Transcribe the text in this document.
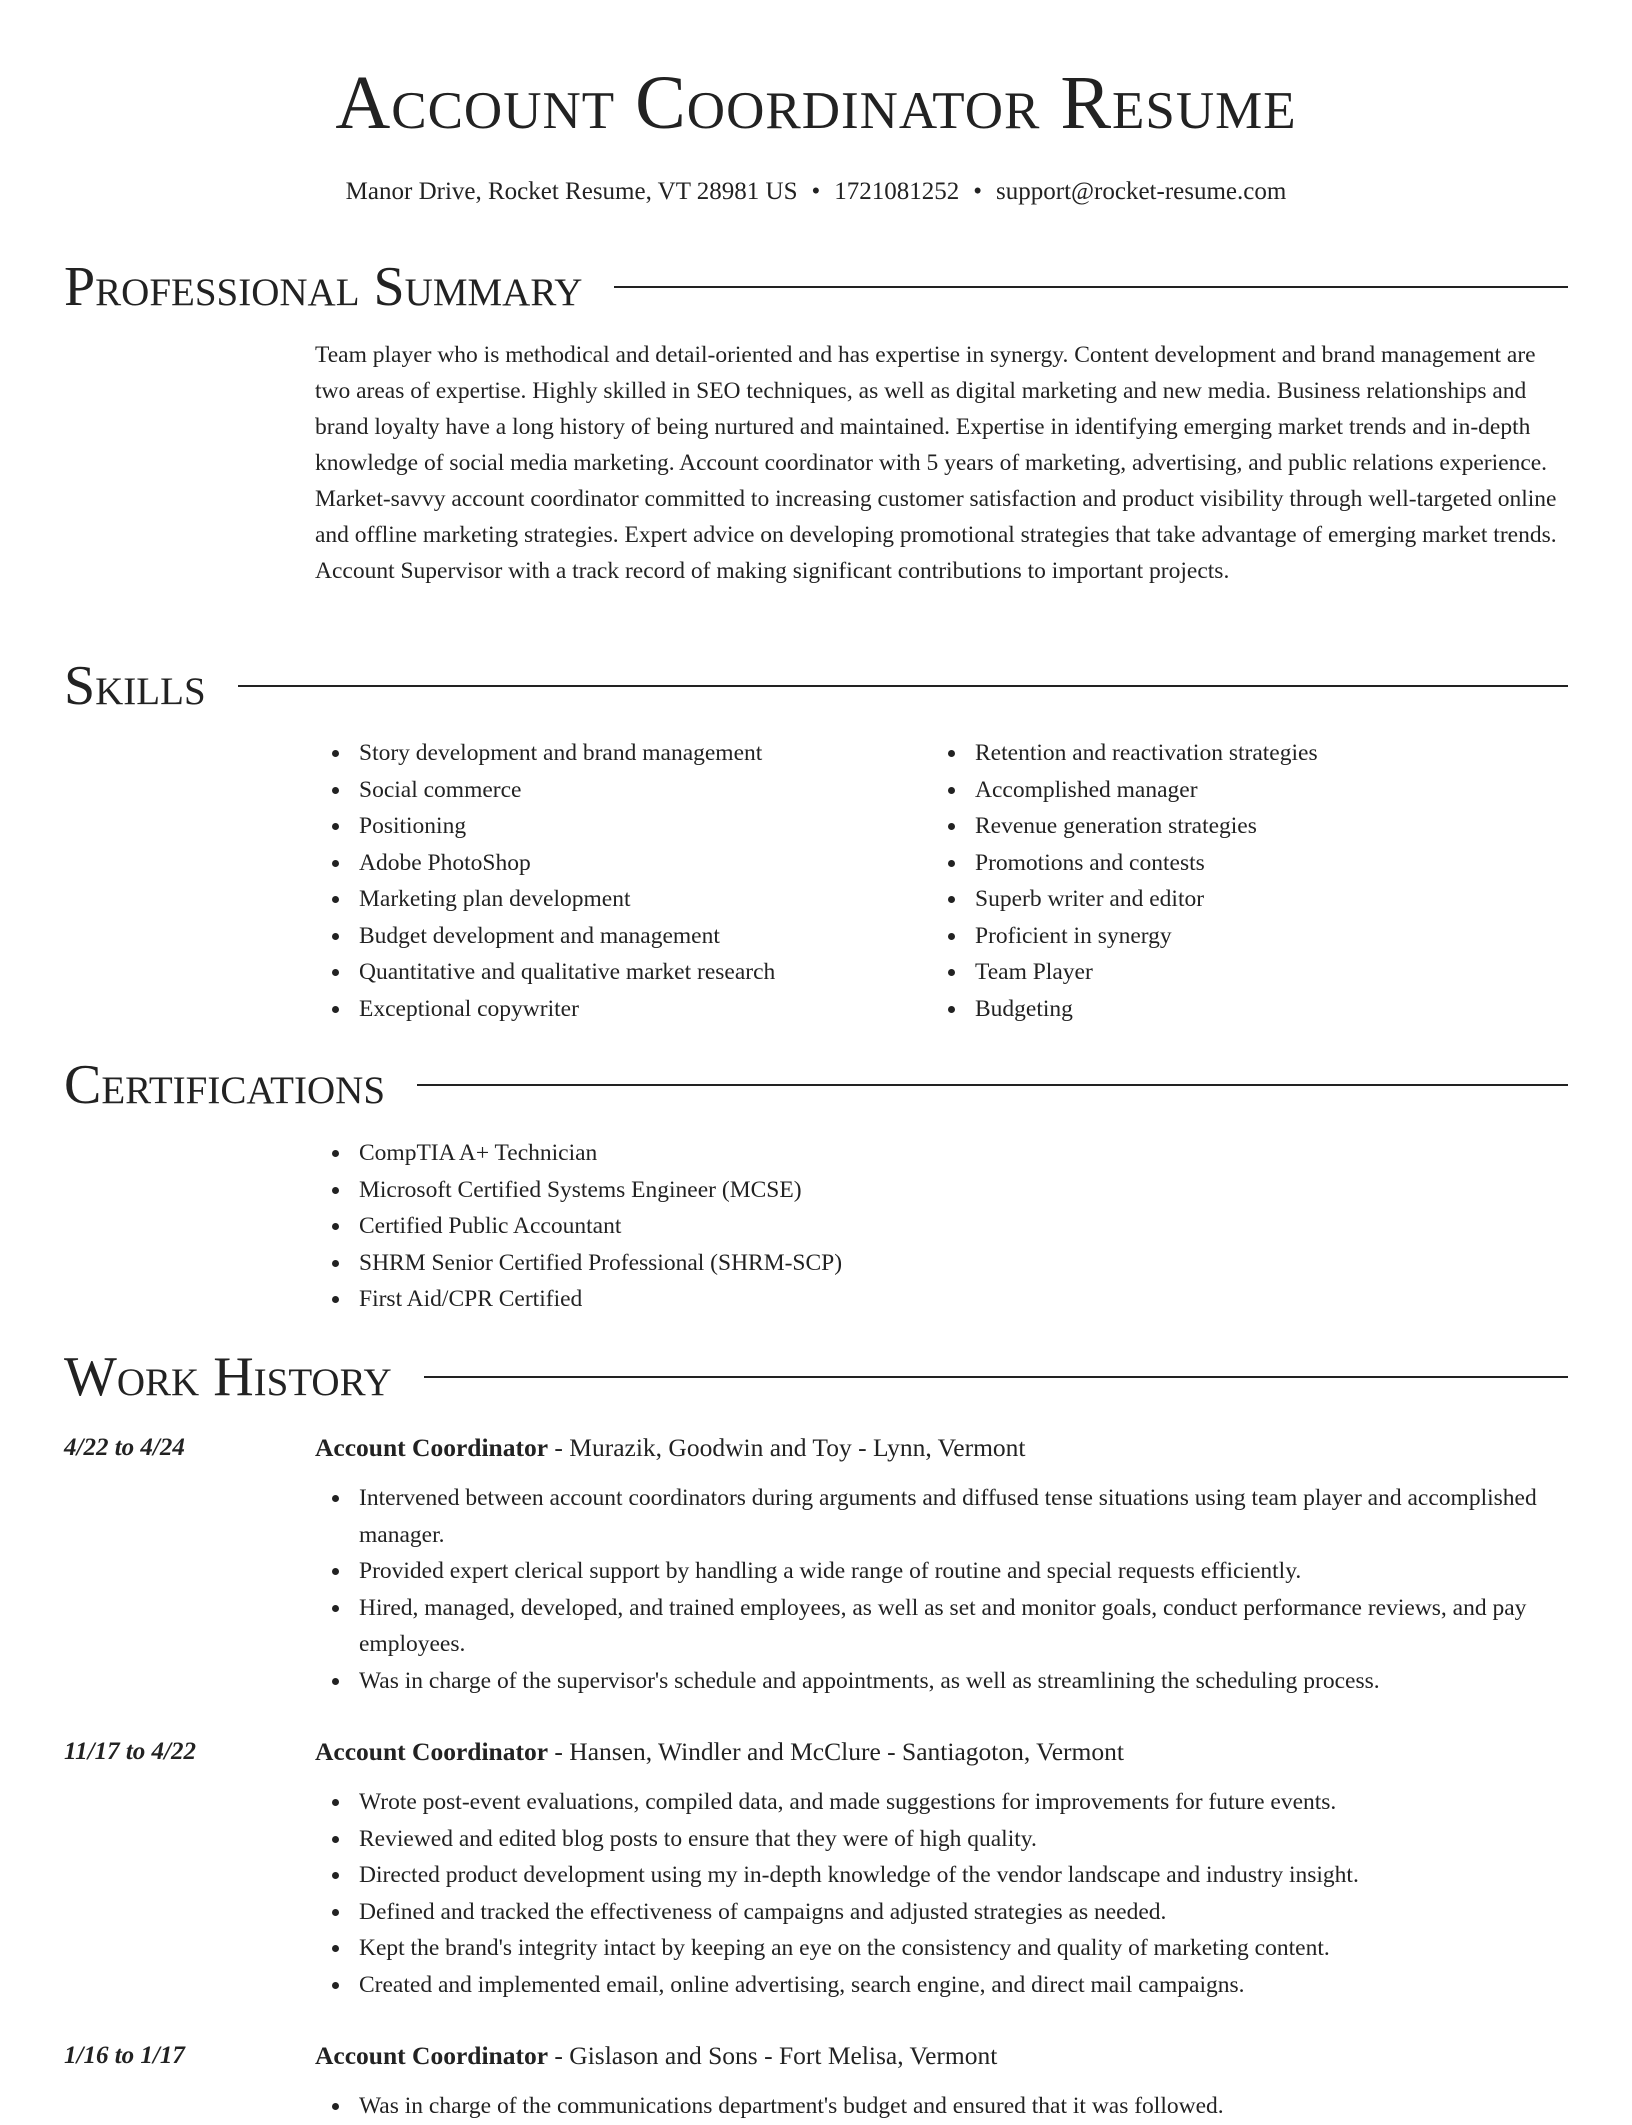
Account Coordinator Resume
Manor Drive, Rocket Resume, VT 28981 US • 1721081252 • support@rocket-resume.com
Professional Summary

Team player who is methodical and detail-oriented and has expertise in synergy. Content development and brand management are two areas of expertise. Highly skilled in SEO techniques, as well as digital marketing and new media. Business relationships and brand loyalty have a long history of being nurtured and maintained. Expertise in identifying emerging market trends and in-depth knowledge of social media marketing. Account coordinator with 5 years of marketing, advertising, and public relations experience. Market-savvy account coordinator committed to increasing customer satisfaction and product visibility through well-targeted online and offline marketing strategies. Expert advice on developing promotional strategies that take advantage of emerging market trends. Account Supervisor with a track record of making significant contributions to important projects.

Skills
Story development and brand management
Social commerce
Positioning
Adobe PhotoShop
Marketing plan development
Budget development and management
Quantitative and qualitative market research
Exceptional copywriter
Retention and reactivation strategies
Accomplished manager
Revenue generation strategies
Promotions and contests
Superb writer and editor
Proficient in synergy
Team Player
Budgeting
Certifications
CompTIA A+ Technician
Microsoft Certified Systems Engineer (MCSE)
Certified Public Accountant
SHRM Senior Certified Professional (SHRM-SCP)
First Aid/CPR Certified
Work History
4/22 to 4/24	Account Coordinator - Murazik, Goodwin and Toy - Lynn, Vermont
Intervened between account coordinators during arguments and diffused tense situations using team player and accomplished manager.
Provided expert clerical support by handling a wide range of routine and special requests efficiently.
Hired, managed, developed, and trained employees, as well as set and monitor goals, conduct performance reviews, and pay employees.
Was in charge of the supervisor's schedule and appointments, as well as streamlining the scheduling process.
11/17 to 4/22	Account Coordinator - Hansen, Windler and McClure - Santiagoton, Vermont
Wrote post-event evaluations, compiled data, and made suggestions for improvements for future events.
Reviewed and edited blog posts to ensure that they were of high quality.
Directed product development using my in-depth knowledge of the vendor landscape and industry insight.
Defined and tracked the effectiveness of campaigns and adjusted strategies as needed.
Kept the brand's integrity intact by keeping an eye on the consistency and quality of marketing content.
Created and implemented email, online advertising, search engine, and direct mail campaigns.
1/16 to 1/17	Account Coordinator - Gislason and Sons - Fort Melisa, Vermont
Was in charge of the communications department's budget and ensured that it was followed.
